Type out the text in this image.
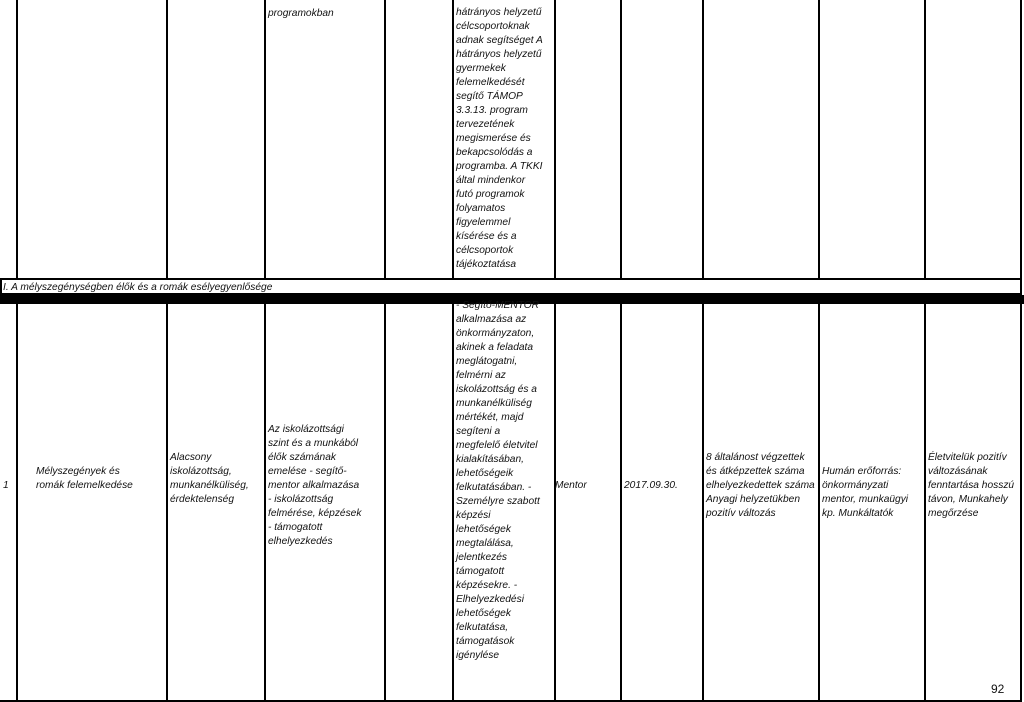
I. A mélyszegénységben élők és a romák esélyegyenlősége
programokban	hátrányos helyzetű
célcsoportoknak
adnak segítséget A
hátrányos helyzetű
gyermekek
felemelkedését
segítő TÁMOP
3.3.13. program
tervezetének
megismerése és
bekapcsolódás a
programba. A TKKI
által mindenkor
futó programok
folyamatos
figyelemmel
kísérése és a
célcsoportok
tájékoztatása
1
Mélyszegények és
romák felemelkedése
Alacsony
iskolázottság,
munkanélküliség,
érdektelenség
Az iskolázottsági
szint és a munkából
élők számának
emelése - segítő-
mentor alkalmazása
- iskolázottság
felmérése, képzések
- támogatott
elhelyezkedés
- Segítő-MENTOR
alkalmazása az
önkormányzaton,
akinek a feladata
meglátogatni,
felmérni az
iskolázottság és a
munkanélküliség
mértékét, majd
segíteni a
megfelelő életvitel
kialakításában,
lehetőségeik
felkutatásában. -
Személyre szabott
képzési
lehetőségek
megtalálása,
jelentkezés
támogatott
képzésekre. -
Elhelyezkedési
lehetőségek
felkutatása,
támogatások
igénylése
Mentor	2017.09.30.
8 általánost végzettek
és átképzettek száma
elhelyezkedettek száma
Anyagi helyzetükben
pozitív változás
Humán erőforrás:
önkormányzati
mentor, munkaügyi
kp. Munkáltatók
Életvitelük pozitív
változásának
fenntartása hosszú
távon, Munkahely
megőrzése
92
